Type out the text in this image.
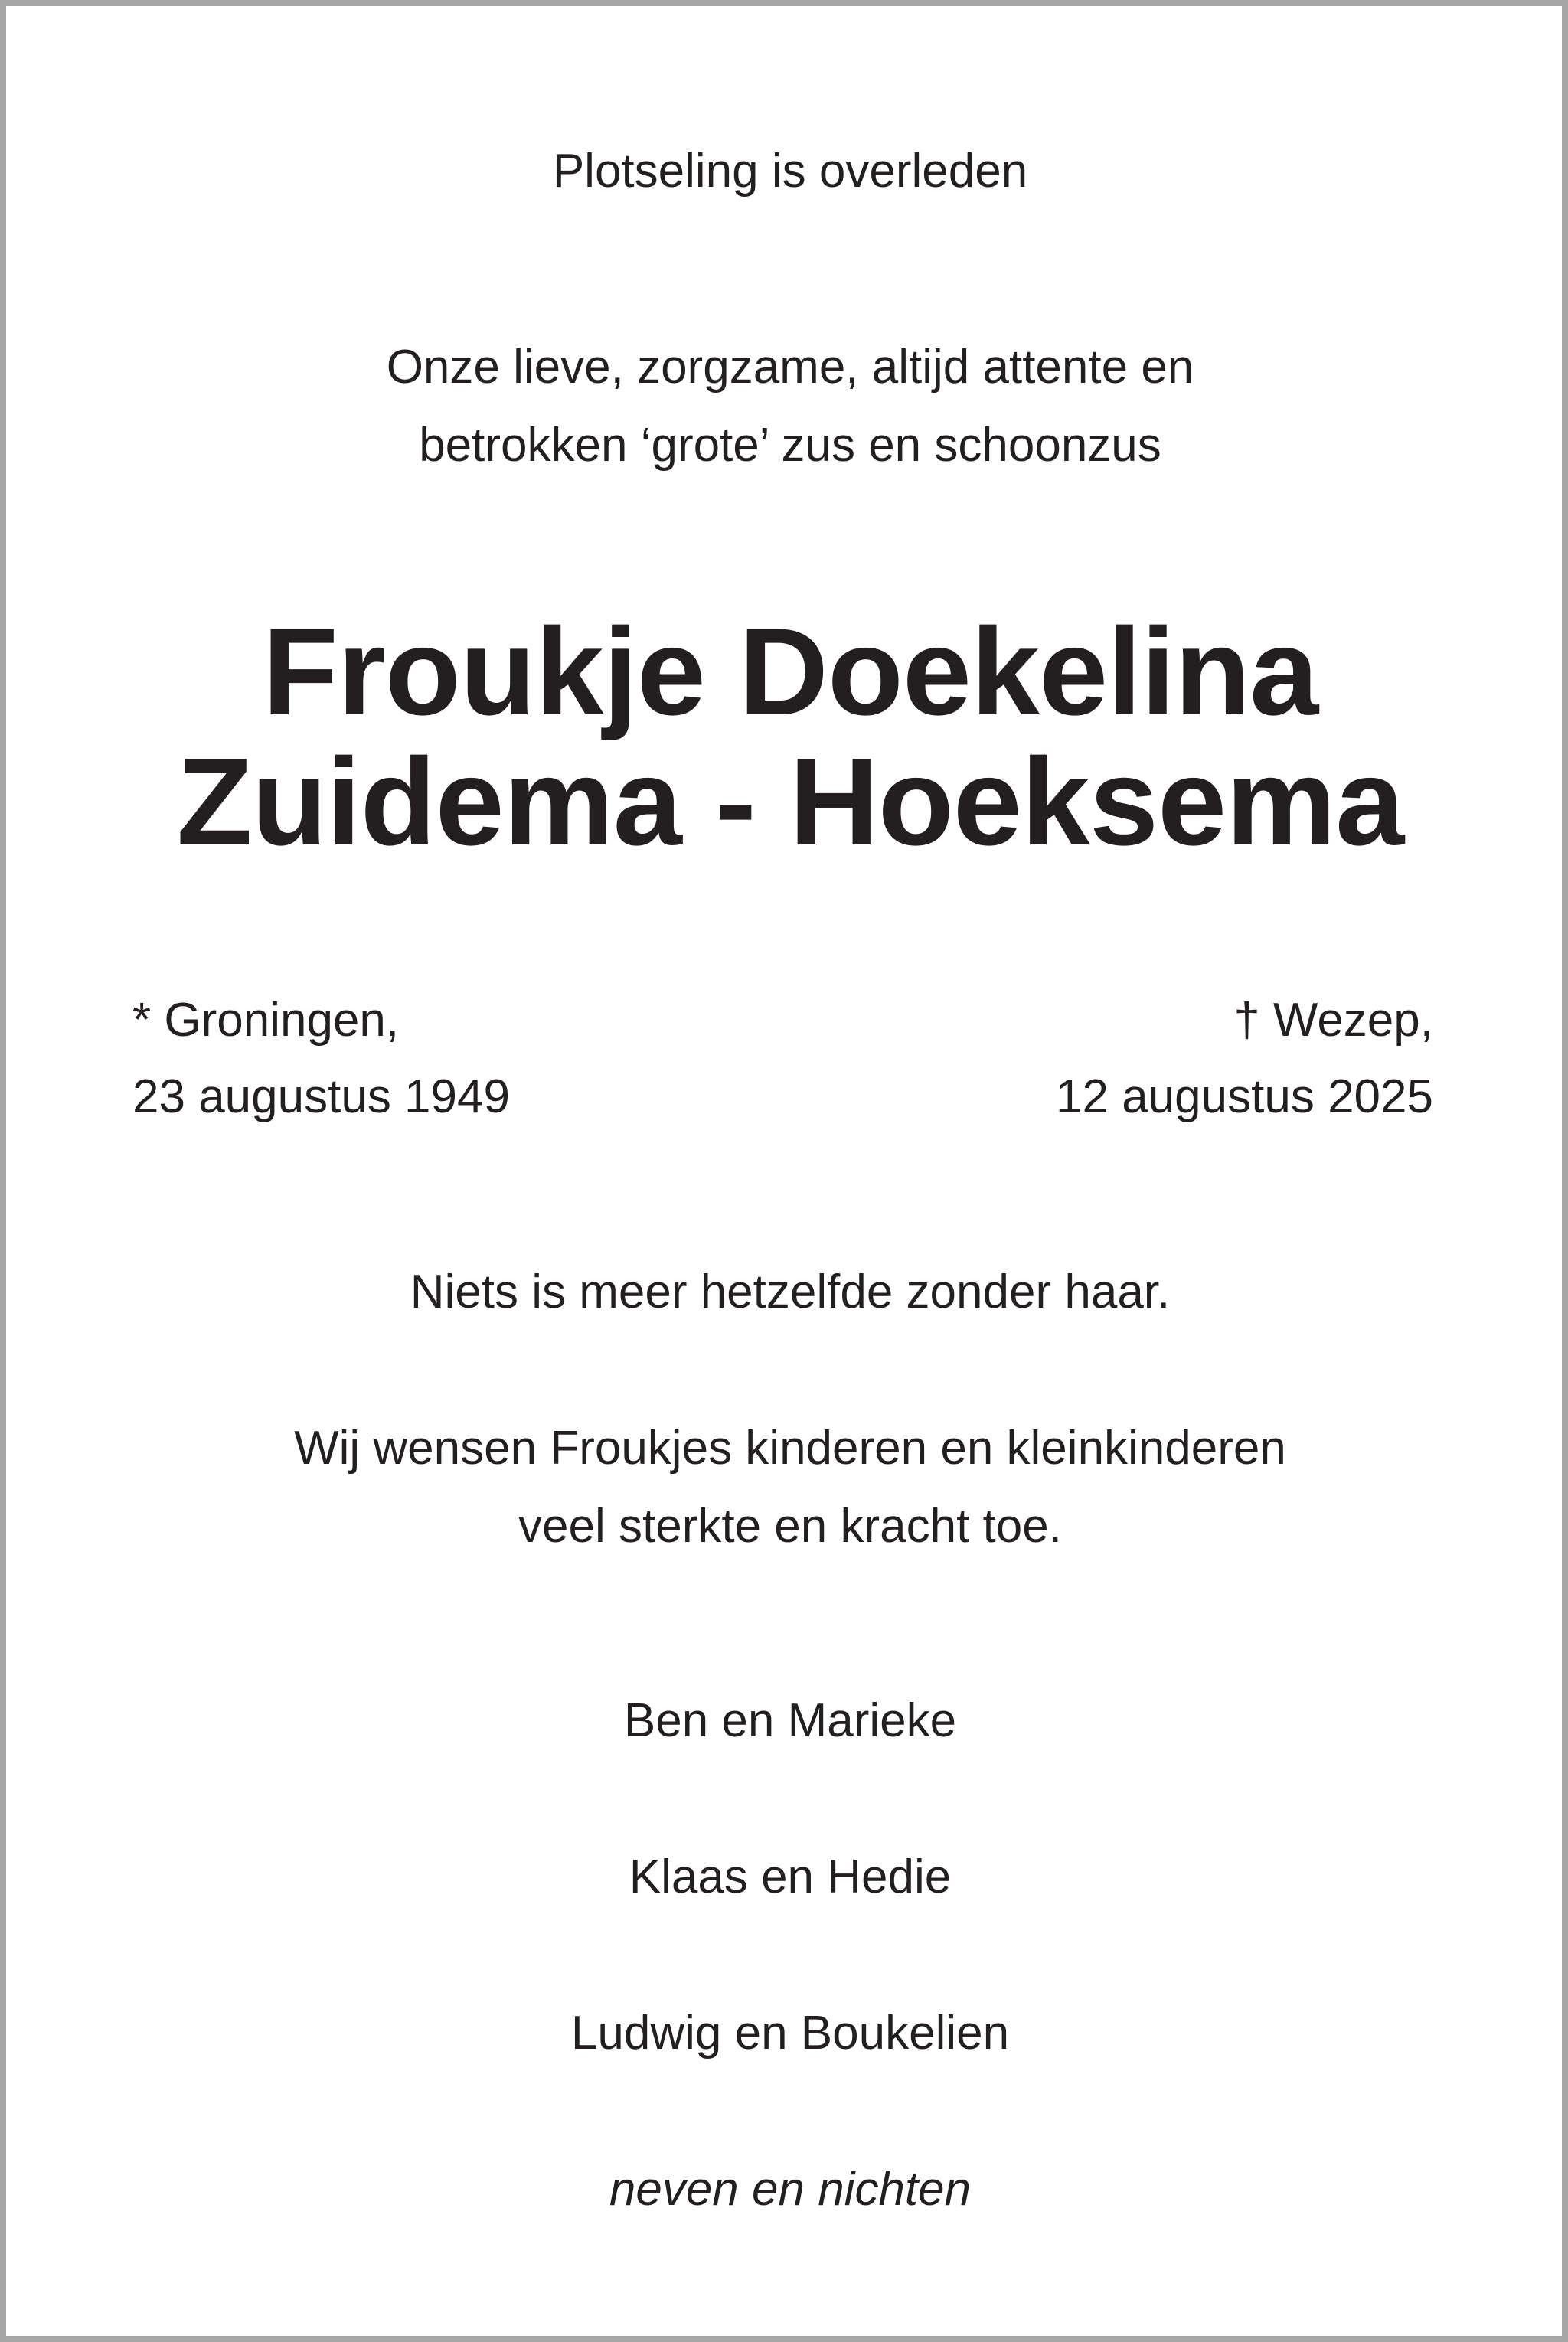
Plotseling is overleden
Onze lieve, zorgzame, altijd attente en
betrokken ‘grote’ zus en schoonzus
Froukje Doekelina
Zuidema - Hoeksema
* Groningen,
23 augustus 1949
† Wezep,
12 augustus 2025
Niets is meer hetzelfde zonder haar.
Wij wensen Froukjes kinderen en kleinkinderen
veel sterkte en kracht toe.
Ben en Marieke
Klaas en Hedie
Ludwig en Boukelien
neven en nichten
